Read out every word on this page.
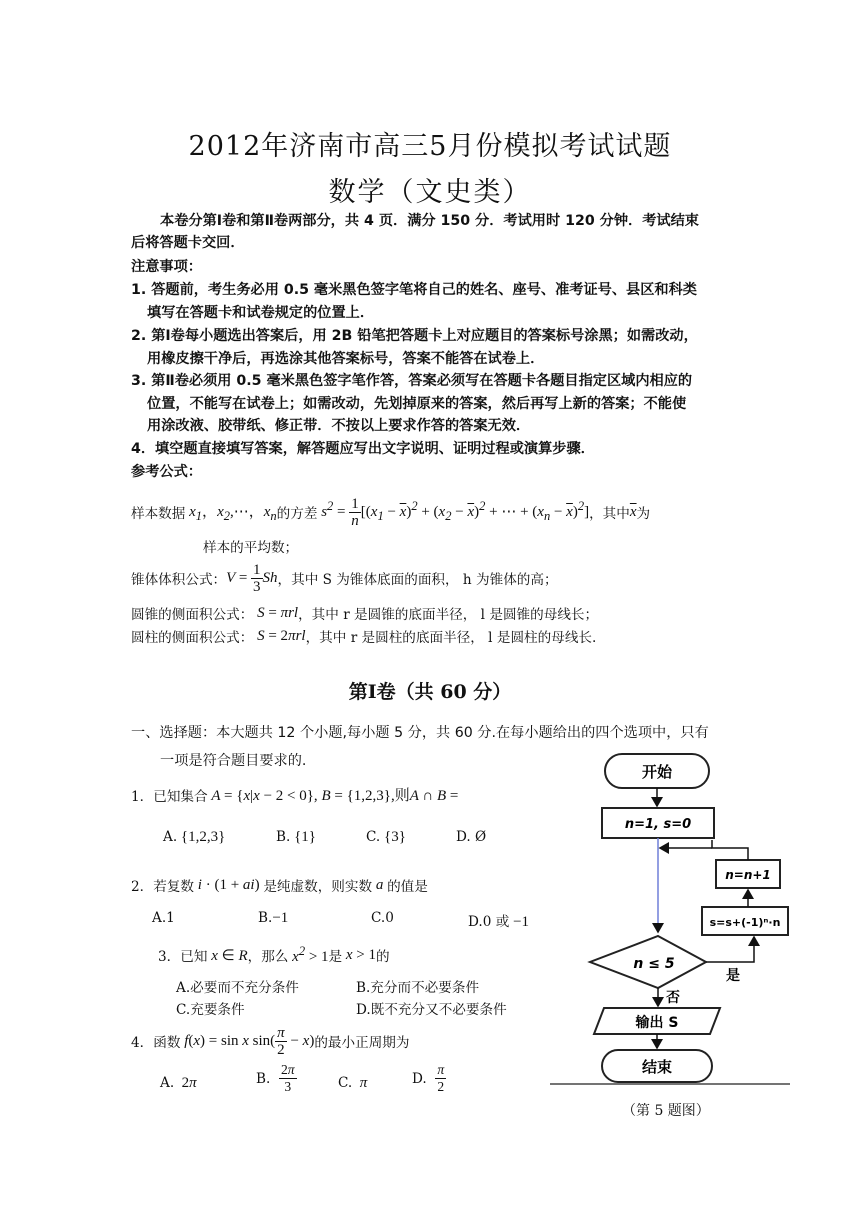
2012年济南市高三5月份模拟考试试题
数学（文史类）
本卷分第Ⅰ卷和第Ⅱ卷两部分，共 4 页．满分 150 分．考试用时 120 分钟．考试结束
后将答题卡交回．
注意事项：
1. 答题前，考生务必用 0.5 毫米黑色签字笔将自己的姓名、座号、准考证号、县区和科类
填写在答题卡和试卷规定的位置上．
2. 第Ⅰ卷每小题选出答案后，用 2B 铅笔把答题卡上对应题目的答案标号涂黑；如需改动，
用橡皮擦干净后，再选涂其他答案标号，答案不能答在试卷上．
3. 第Ⅱ卷必须用 0.5 毫米黑色签字笔作答，答案必须写在答题卡各题目指定区域内相应的
位置，不能写在试卷上；如需改动，先划掉原来的答案，然后再写上新的答案；不能使
用涂改液、胶带纸、修正带．不按以上要求作答的答案无效．
4．填空题直接填写答案，解答题应写出文字说明、证明过程或演算步骤．
参考公式：
样本数据 $x_1$，$x_2,\cdots$，$x_n$ 的方差 $s^2 = \frac{1}{n} [(x_1 - \overline{x})^2 + (x_2 - \overline{x})^2$ + ⋯ + $(x_n - \overline{x})^2$] ，其中 $\overline{x}$ 为
样本的平均数；
锥体体积公式： $V = \frac{1}{3}$ Sh ，其中 S 为锥体底面的面积， h 为锥体的高；
圆锥的侧面积公式： S = πrl ，其中 r 是圆锥的底面半径， l 是圆锥的母线长；
圆柱的侧面积公式： S = 2πrl ，其中 r 是圆柱的底面半径， l 是圆柱的母线长.
第Ⅰ卷（共 60 分）
一、选择题：本大题共 12 个小题,每小题 5 分，共 60 分.在每小题给出的四个选项中，只有
一项是符合题目要求的.
1．已知集合 A = {x|x − 2 < 0}, B = {1,2,3},则A ∩ B =
A. {1,2,3}	B. {1}	C. {3}	D. Ø
2．若复数 i · (1 + ai) 是纯虚数，则实数 a 的值是
A.1	B.−1	C.0	D.0 或 −1
3．已知 x ∈ R ，那么 $x^2 > 1$ 是 x > 1 的
A.必要而不充分条件	B.充分而不必要条件
C.充要条件	D.既不充分又不必要条件
4．函数 f(x) = sin x $\sin( \frac{\pi}{2} - x)$ 的最小正周期为
A. 2π	B.
$\frac{2\pi}{3}$	C.  π	D.
$\frac{\pi}{2}$
开始
n=1, s=0
n=n+1
s=s+(-1)ⁿ·n
n ≤ 5
是
否
输出 S
结束
（第 5 题图）
